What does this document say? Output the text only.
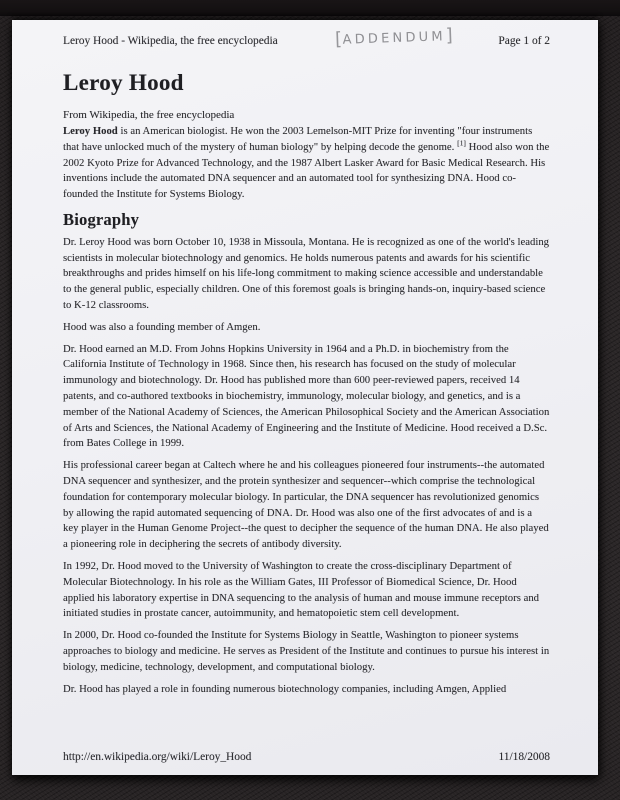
Leroy Hood - Wikipedia, the free encyclopedia	Page 1 of 2
[ADDENDUM]
Leroy Hood
From Wikipedia, the free encyclopedia

Leroy Hood is an American biologist. He won the 2003 Lemelson-MIT Prize for inventing "four instruments that have unlocked much of the mystery of human biology" by helping decode the genome. [1] Hood also won the 2002 Kyoto Prize for Advanced Technology, and the 1987 Albert Lasker Award for Basic Medical Research. His inventions include the automated DNA sequencer and an automated tool for synthesizing DNA. Hood co-founded the Institute for Systems Biology.

Biography

Dr. Leroy Hood was born October 10, 1938 in Missoula, Montana. He is recognized as one of the world's leading scientists in molecular biotechnology and genomics. He holds numerous patents and awards for his scientific breakthroughs and prides himself on his life-long commitment to making science accessible and understandable to the general public, especially children. One of this foremost goals is bringing hands-on, inquiry-based science to K-12 classrooms.

Hood was also a founding member of Amgen.

Dr. Hood earned an M.D. From Johns Hopkins University in 1964 and a Ph.D. in biochemistry from the California Institute of Technology in 1968. Since then, his research has focused on the study of molecular immunology and biotechnology. Dr. Hood has published more than 600 peer-reviewed papers, received 14 patents, and co-authored textbooks in biochemistry, immunology, molecular biology, and genetics, and is a member of the National Academy of Sciences, the American Philosophical Society and the American Association of Arts and Sciences, the National Academy of Engineering and the Institute of Medicine. Hood received a D.Sc. from Bates College in 1999.

His professional career began at Caltech where he and his colleagues pioneered four instruments--the automated DNA sequencer and synthesizer, and the protein synthesizer and sequencer--which comprise the technological foundation for contemporary molecular biology. In particular, the DNA sequencer has revolutionized genomics by allowing the rapid automated sequencing of DNA. Dr. Hood was also one of the first advocates of and is a key player in the Human Genome Project--the quest to decipher the sequence of the human DNA. He also played a pioneering role in deciphering the secrets of antibody diversity.

In 1992, Dr. Hood moved to the University of Washington to create the cross-disciplinary Department of Molecular Biotechnology. In his role as the William Gates, III Professor of Biomedical Science, Dr. Hood applied his laboratory expertise in DNA sequencing to the analysis of human and mouse immune receptors and initiated studies in prostate cancer, autoimmunity, and hematopoietic stem cell development.

In 2000, Dr. Hood co-founded the Institute for Systems Biology in Seattle, Washington to pioneer systems approaches to biology and medicine. He serves as President of the Institute and continues to pursue his interest in biology, medicine, technology, development, and computational biology.

Dr. Hood has played a role in founding numerous biotechnology companies, including Amgen, Applied

http://en.wikipedia.org/wiki/Leroy_Hood	11/18/2008
